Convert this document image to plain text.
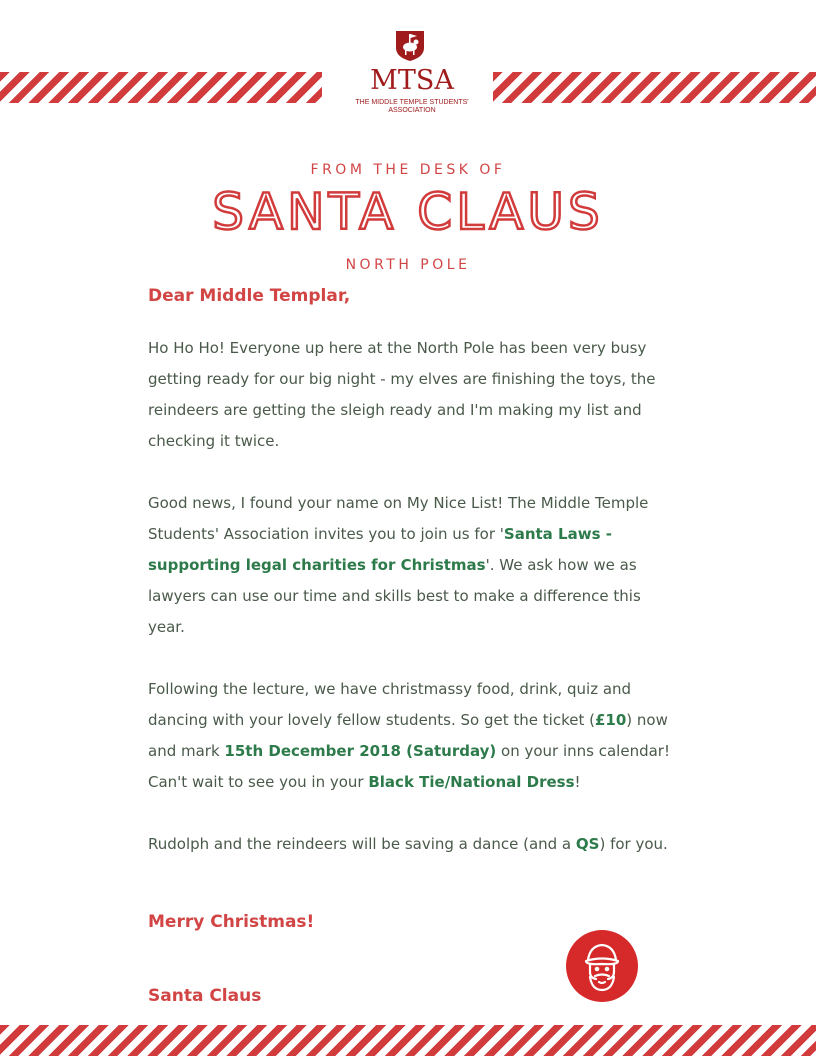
MTSA
THE MIDDLE TEMPLE STUDENTS'
ASSOCIATION
FROM THE DESK OF
SANTA CLAUS
NORTH POLE

Dear Middle Templar,

Ho Ho Ho! Everyone up here at the North Pole has been very busy getting ready for our big night - my elves are finishing the toys, the reindeers are getting the sleigh ready and I'm making my list and checking it twice.

Good news, I found your name on My Nice List! The Middle Temple Students' Association invites you to join us for 'Santa Laws - supporting legal charities for Christmas'. We ask how we as lawyers can use our time and skills best to make a difference this year.

Following the lecture, we have christmassy food, drink, quiz and dancing with your lovely fellow students. So get the ticket (£10) now and mark 15th December 2018 (Saturday) on your inns calendar! Can't wait to see you in your Black Tie/National Dress!

Rudolph and the reindeers will be saving a dance (and a QS) for you.

Merry Christmas!
Santa Claus
